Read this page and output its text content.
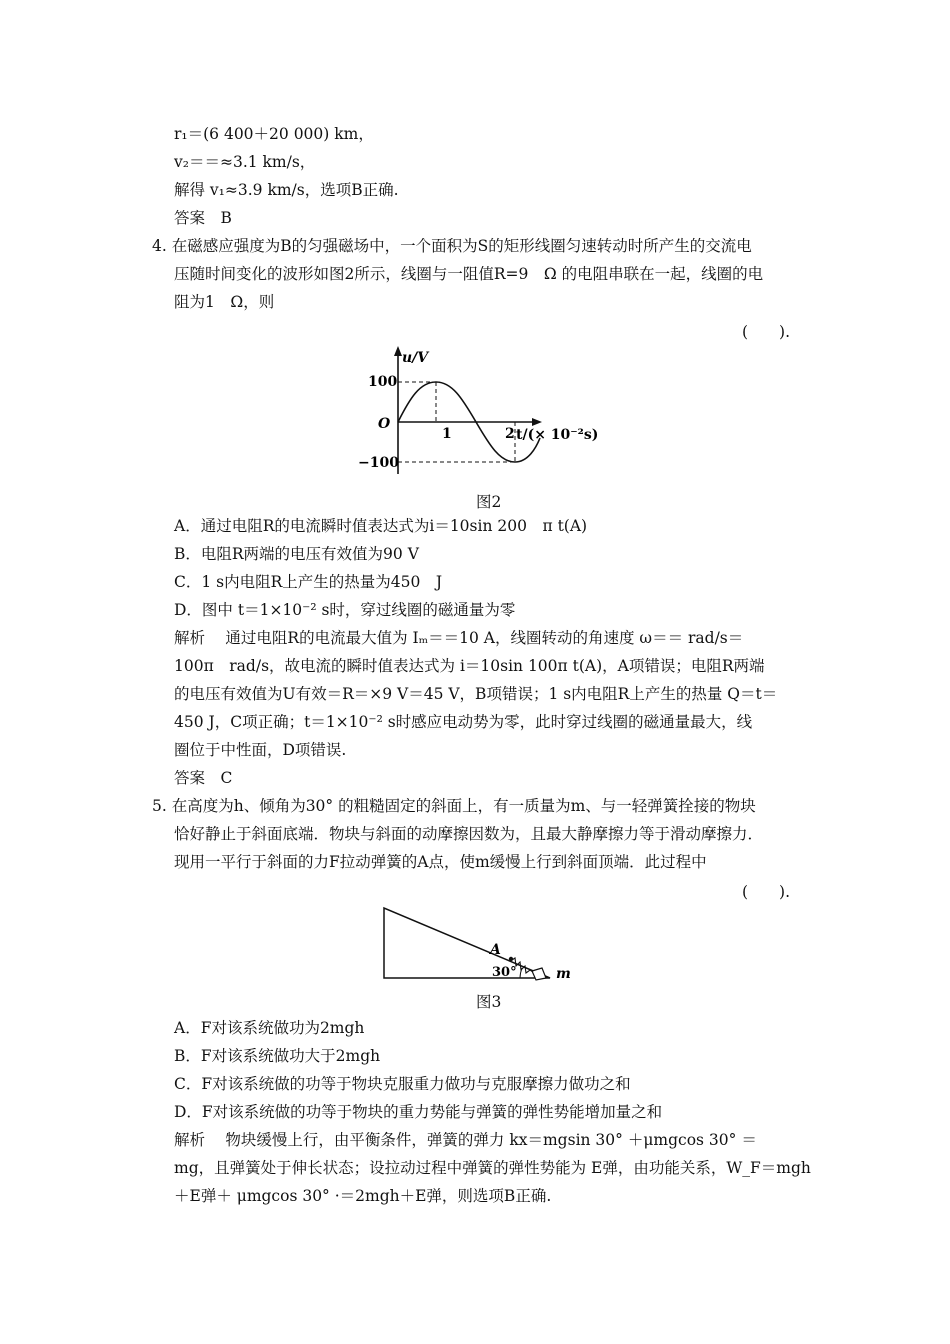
r₁＝(6 400＋20 000) km，
v₂＝＝≈3.1 km/s，
解得 v₁≈3.9 km/s，选项B正确.
答案　B
4. 在磁感应强度为B的匀强磁场中，一个面积为S的矩形线圈匀速转动时所产生的交流电
压随时间变化的波形如图2所示，线圈与一阻值R=9　Ω 的电阻串联在一起，线圈的电
阻为1　Ω，则
(　　).
u/V
100
−100
O
1	2 t/(× 10⁻²s)
图2
A．通过电阻R的电流瞬时值表达式为i＝10sin 200　π t(A)
B．电阻R两端的电压有效值为90 V
C．1 s内电阻R上产生的热量为450　J
D．图中 t＝1×10⁻² s时，穿过线圈的磁通量为零
解析　 通过电阻R的电流最大值为 Iₘ＝＝10 A，线圈转动的角速度 ω＝＝ rad/s＝
100π　rad/s，故电流的瞬时值表达式为 i＝10sin 100π t(A)，A项错误；电阻R两端
的电压有效值为U有效＝R＝×9 V＝45 V，B项错误；1 s内电阻R上产生的热量 Q＝t＝
450 J，C项正确；t＝1×10⁻² s时感应电动势为零，此时穿过线圈的磁通量最大，线
圈位于中性面，D项错误.
答案　C
5. 在高度为h、倾角为30° 的粗糙固定的斜面上，有一质量为m、与一轻弹簧拴接的物块
恰好静止于斜面底端．物块与斜面的动摩擦因数为，且最大静摩擦力等于滑动摩擦力．
现用一平行于斜面的力F拉动弹簧的A点，使m缓慢上行到斜面顶端．此过程中
(　　).
A
30°	m
图3
A．F对该系统做功为2mgh
B．F对该系统做功大于2mgh
C．F对该系统做的功等于物块克服重力做功与克服摩擦力做功之和
D．F对该系统做的功等于物块的重力势能与弹簧的弹性势能增加量之和
解析　 物块缓慢上行，由平衡条件，弹簧的弹力 kx＝mgsin 30° ＋μmgcos 30° ＝
mg，且弹簧处于伸长状态；设拉动过程中弹簧的弹性势能为 E弹，由功能关系，W_F＝mgh
＋E弹＋ μmgcos 30° ·＝2mgh＋E弹，则选项B正确.
